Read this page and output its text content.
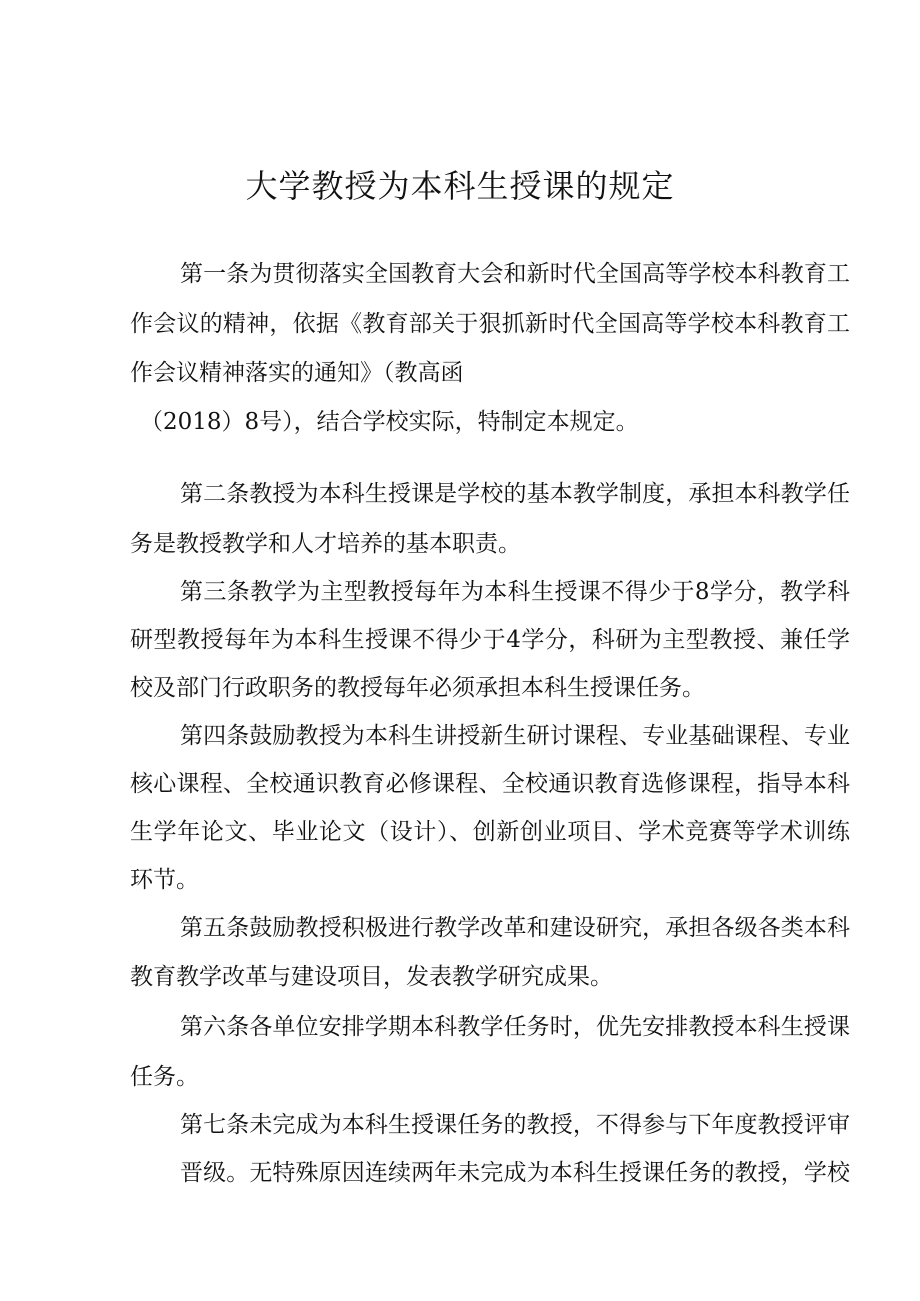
大学教授为本科生授课的规定
第一条为贯彻落实全国教育大会和新时代全国高等学校本科教育工
作会议的精神，依据《教育部关于狠抓新时代全国高等学校本科教育工
作会议精神落实的通知》（教高函
（2018）8号），结合学校实际，特制定本规定。
第二条教授为本科生授课是学校的基本教学制度，承担本科教学任
务是教授教学和人才培养的基本职责。
第三条教学为主型教授每年为本科生授课不得少于8学分，教学科
研型教授每年为本科生授课不得少于4学分，科研为主型教授、兼任学
校及部门行政职务的教授每年必须承担本科生授课任务。
第四条鼓励教授为本科生讲授新生研讨课程、专业基础课程、专业
核心课程、全校通识教育必修课程、全校通识教育选修课程，指导本科
生学年论文、毕业论文（设计）、创新创业项目、学术竞赛等学术训练
环节。
第五条鼓励教授积极进行教学改革和建设研究，承担各级各类本科
教育教学改革与建设项目，发表教学研究成果。
第六条各单位安排学期本科教学任务时，优先安排教授本科生授课
任务。
第七条未完成为本科生授课任务的教授，不得参与下年度教授评审
晋级。无特殊原因连续两年未完成为本科生授课任务的教授，学校
